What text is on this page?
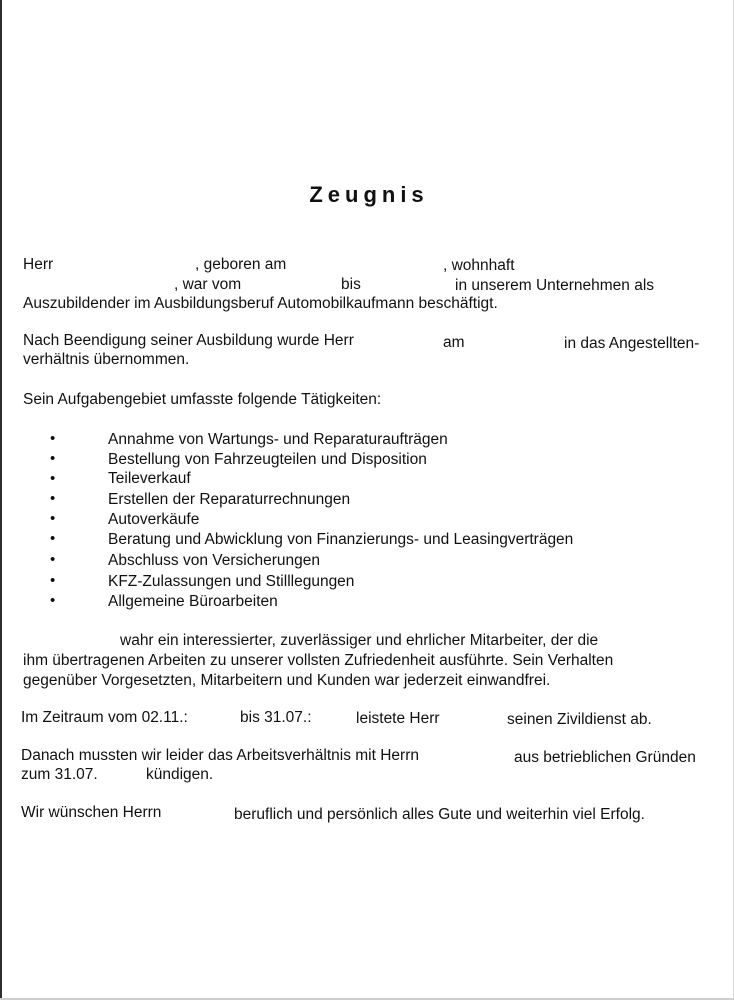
Zeugnis
Herr	, geboren am	, wohnhaft
, war vom	bis	in unserem Unternehmen als
Auszubildender im Ausbildungsberuf Automobilkaufmann beschäftigt.
Nach Beendigung seiner Ausbildung wurde Herr	am	in das Angestellten-
verhältnis übernommen.
Sein Aufgabengebiet umfasste folgende Tätigkeiten:
•	Annahme von Wartungs- und Reparaturaufträgen
•	Bestellung von Fahrzeugteilen und Disposition
•	Teileverkauf
•	Erstellen der Reparaturrechnungen
•	Autoverkäufe
•	Beratung und Abwicklung von Finanzierungs- und Leasingverträgen
•	Abschluss von Versicherungen
•	KFZ-Zulassungen und Stilllegungen
•	Allgemeine Büroarbeiten
wahr ein interessierter, zuverlässiger und ehrlicher Mitarbeiter, der die
ihm übertragenen Arbeiten zu unserer vollsten Zufriedenheit ausführte. Sein Verhalten
gegenüber Vorgesetzten, Mitarbeitern und Kunden war jederzeit einwandfrei.
Im Zeitraum vom 02.11.:	bis 31.07.:	leistete Herr	seinen Zivildienst ab.
Danach mussten wir leider das Arbeitsverhältnis mit Herrn	aus betrieblichen Gründen
zum 31.07.	kündigen.
Wir wünschen Herrn	beruflich und persönlich alles Gute und weiterhin viel Erfolg.
